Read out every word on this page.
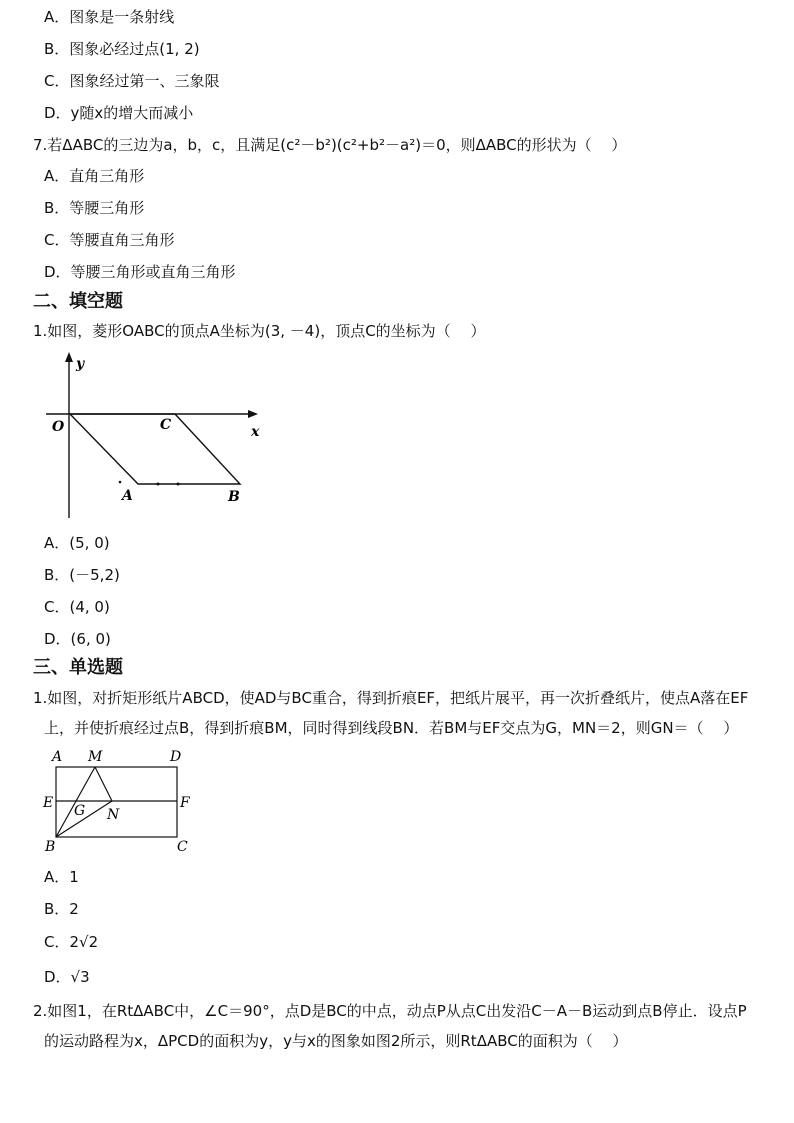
A．图象是一条射线
B．图象必经过点(1, 2)
C．图象经过第一、三象限
D．y随x的增大而减小
7.若ΔABC的三边为a，b，c，且满足(c²－b²)(c²+b²－a²)＝0，则ΔABC的形状为（　 ）
A．直角三角形
B．等腰三角形
C．等腰直角三角形
D．等腰三角形或直角三角形
二、填空题
1.如图，菱形OABC的顶点A坐标为(3, －4)，顶点C的坐标为（　 ）
y
x
O	C
A	B
A．(5, 0)
B．(－5,2)
C．(4, 0)
D．(6, 0)
三、单选题
1.如图，对折矩形纸片ABCD，使AD与BC重合，得到折痕EF，把纸片展平，再一次折叠纸片，使点A落在EF
上，并使折痕经过点B，得到折痕BM，同时得到线段BN．若BM与EF交点为G，MN＝2，则GN＝（　 ）
A M	D
E	F
G N
B	C
A．1
B．2
C．2√2
D．√3
2.如图1，在RtΔABC中，∠C＝90°，点D是BC的中点，动点P从点C出发沿C－A－B运动到点B停止．设点P
的运动路程为x，ΔPCD的面积为y，y与x的图象如图2所示，则RtΔABC的面积为（　 ）
